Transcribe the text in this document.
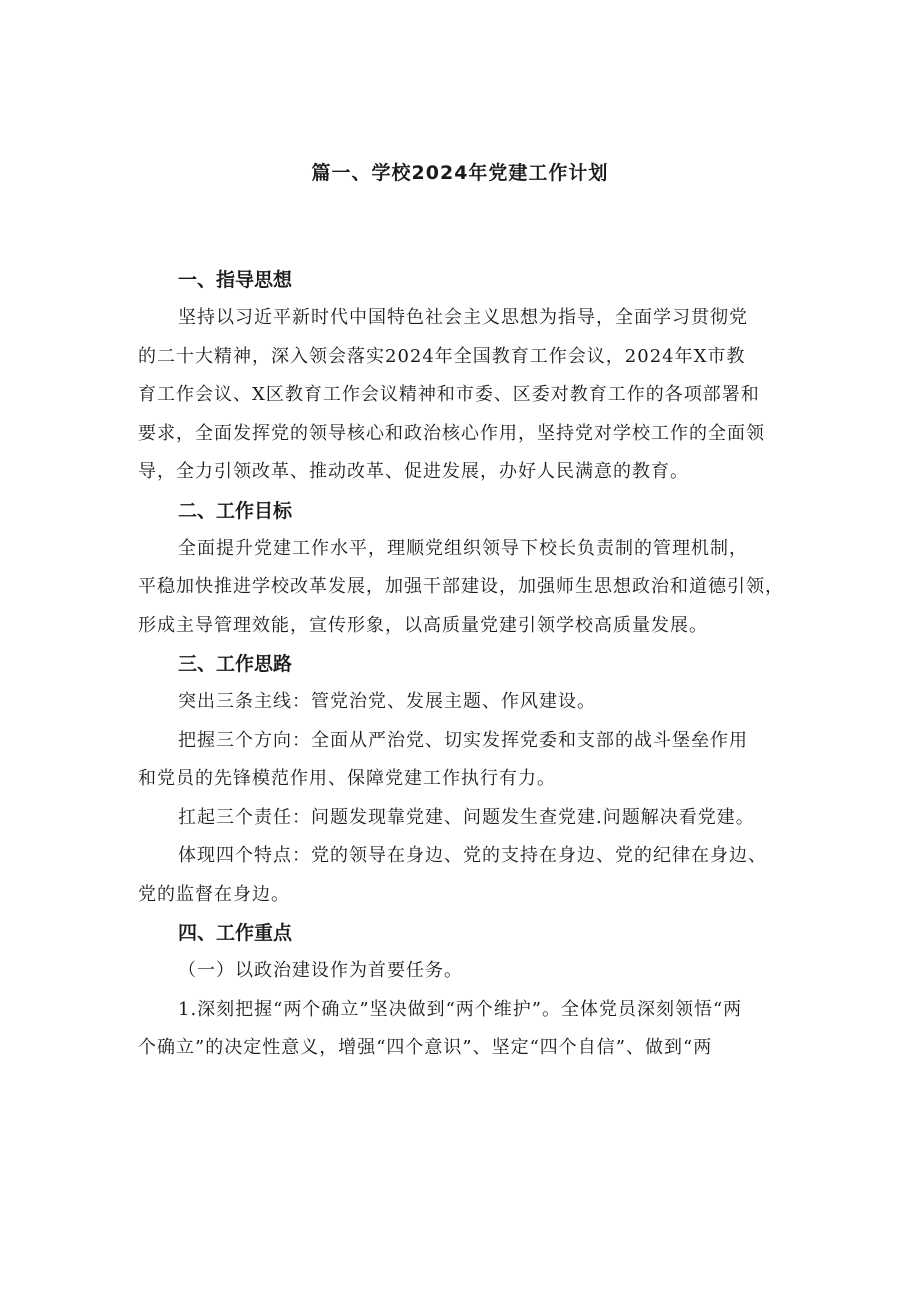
篇一、学校2024年党建工作计划
一、指导思想
坚持以习近平新时代中国特色社会主义思想为指导，全面学习贯彻党
的二十大精神，深入领会落实2024年全国教育工作会议，2024年X市教
育工作会议、X区教育工作会议精神和市委、区委对教育工作的各项部署和
要求，全面发挥党的领导核心和政治核心作用，坚持党对学校工作的全面领
导，全力引领改革、推动改革、促进发展，办好人民满意的教育。
二、工作目标
全面提升党建工作水平，理顺党组织领导下校长负责制的管理机制，
平稳加快推进学校改革发展，加强干部建设，加强师生思想政治和道德引领，
形成主导管理效能，宣传形象，以高质量党建引领学校高质量发展。
三、工作思路
突出三条主线：管党治党、发展主题、作风建设。
把握三个方向：全面从严治党、切实发挥党委和支部的战斗堡垒作用
和党员的先锋模范作用、保障党建工作执行有力。
扛起三个责任：问题发现靠党建、问题发生查党建.问题解决看党建。
体现四个特点：党的领导在身边、党的支持在身边、党的纪律在身边、
党的监督在身边。
四、工作重点
（一）以政治建设作为首要任务。
1.深刻把握“两个确立”坚决做到“两个维护”。全体党员深刻领悟“两
个确立”的决定性意义，增强“四个意识”、坚定“四个自信”、做到“两
